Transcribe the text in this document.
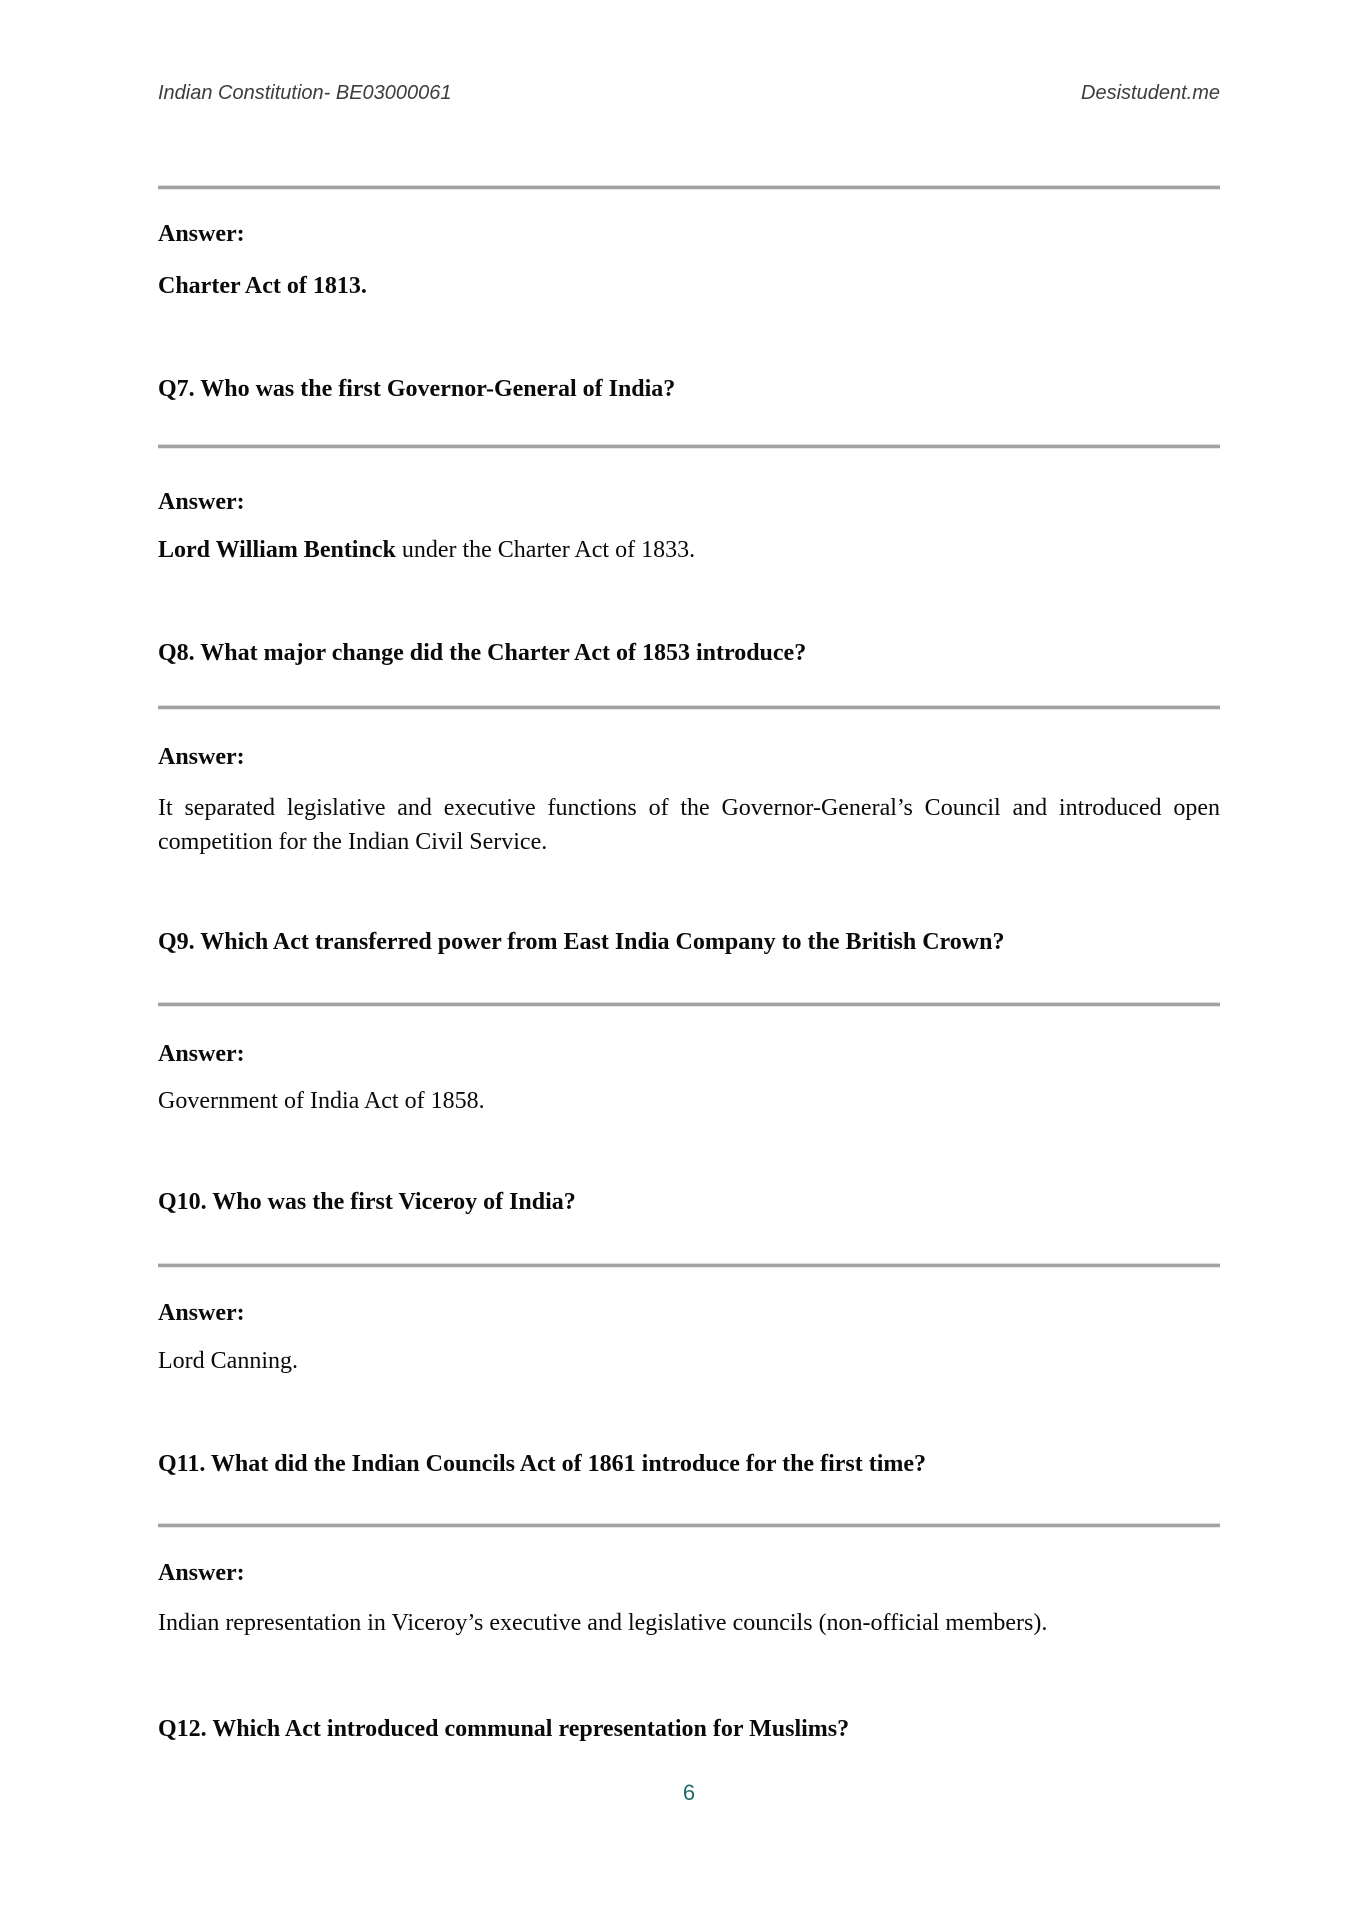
Indian Constitution- BE03000061	Desistudent.me
Answer:
Charter Act of 1813.
Q7. Who was the first Governor-General of India?
Answer:
Lord William Bentinck under the Charter Act of 1833.
Q8. What major change did the Charter Act of 1853 introduce?
Answer:
It separated legislative and executive functions of the Governor-General’s Council and introduced open competition for the Indian Civil Service.
Q9. Which Act transferred power from East India Company to the British Crown?
Answer:
Government of India Act of 1858.
Q10. Who was the first Viceroy of India?
Answer:
Lord Canning.
Q11. What did the Indian Councils Act of 1861 introduce for the first time?
Answer:
Indian representation in Viceroy’s executive and legislative councils (non-official members).
Q12. Which Act introduced communal representation for Muslims?
6
